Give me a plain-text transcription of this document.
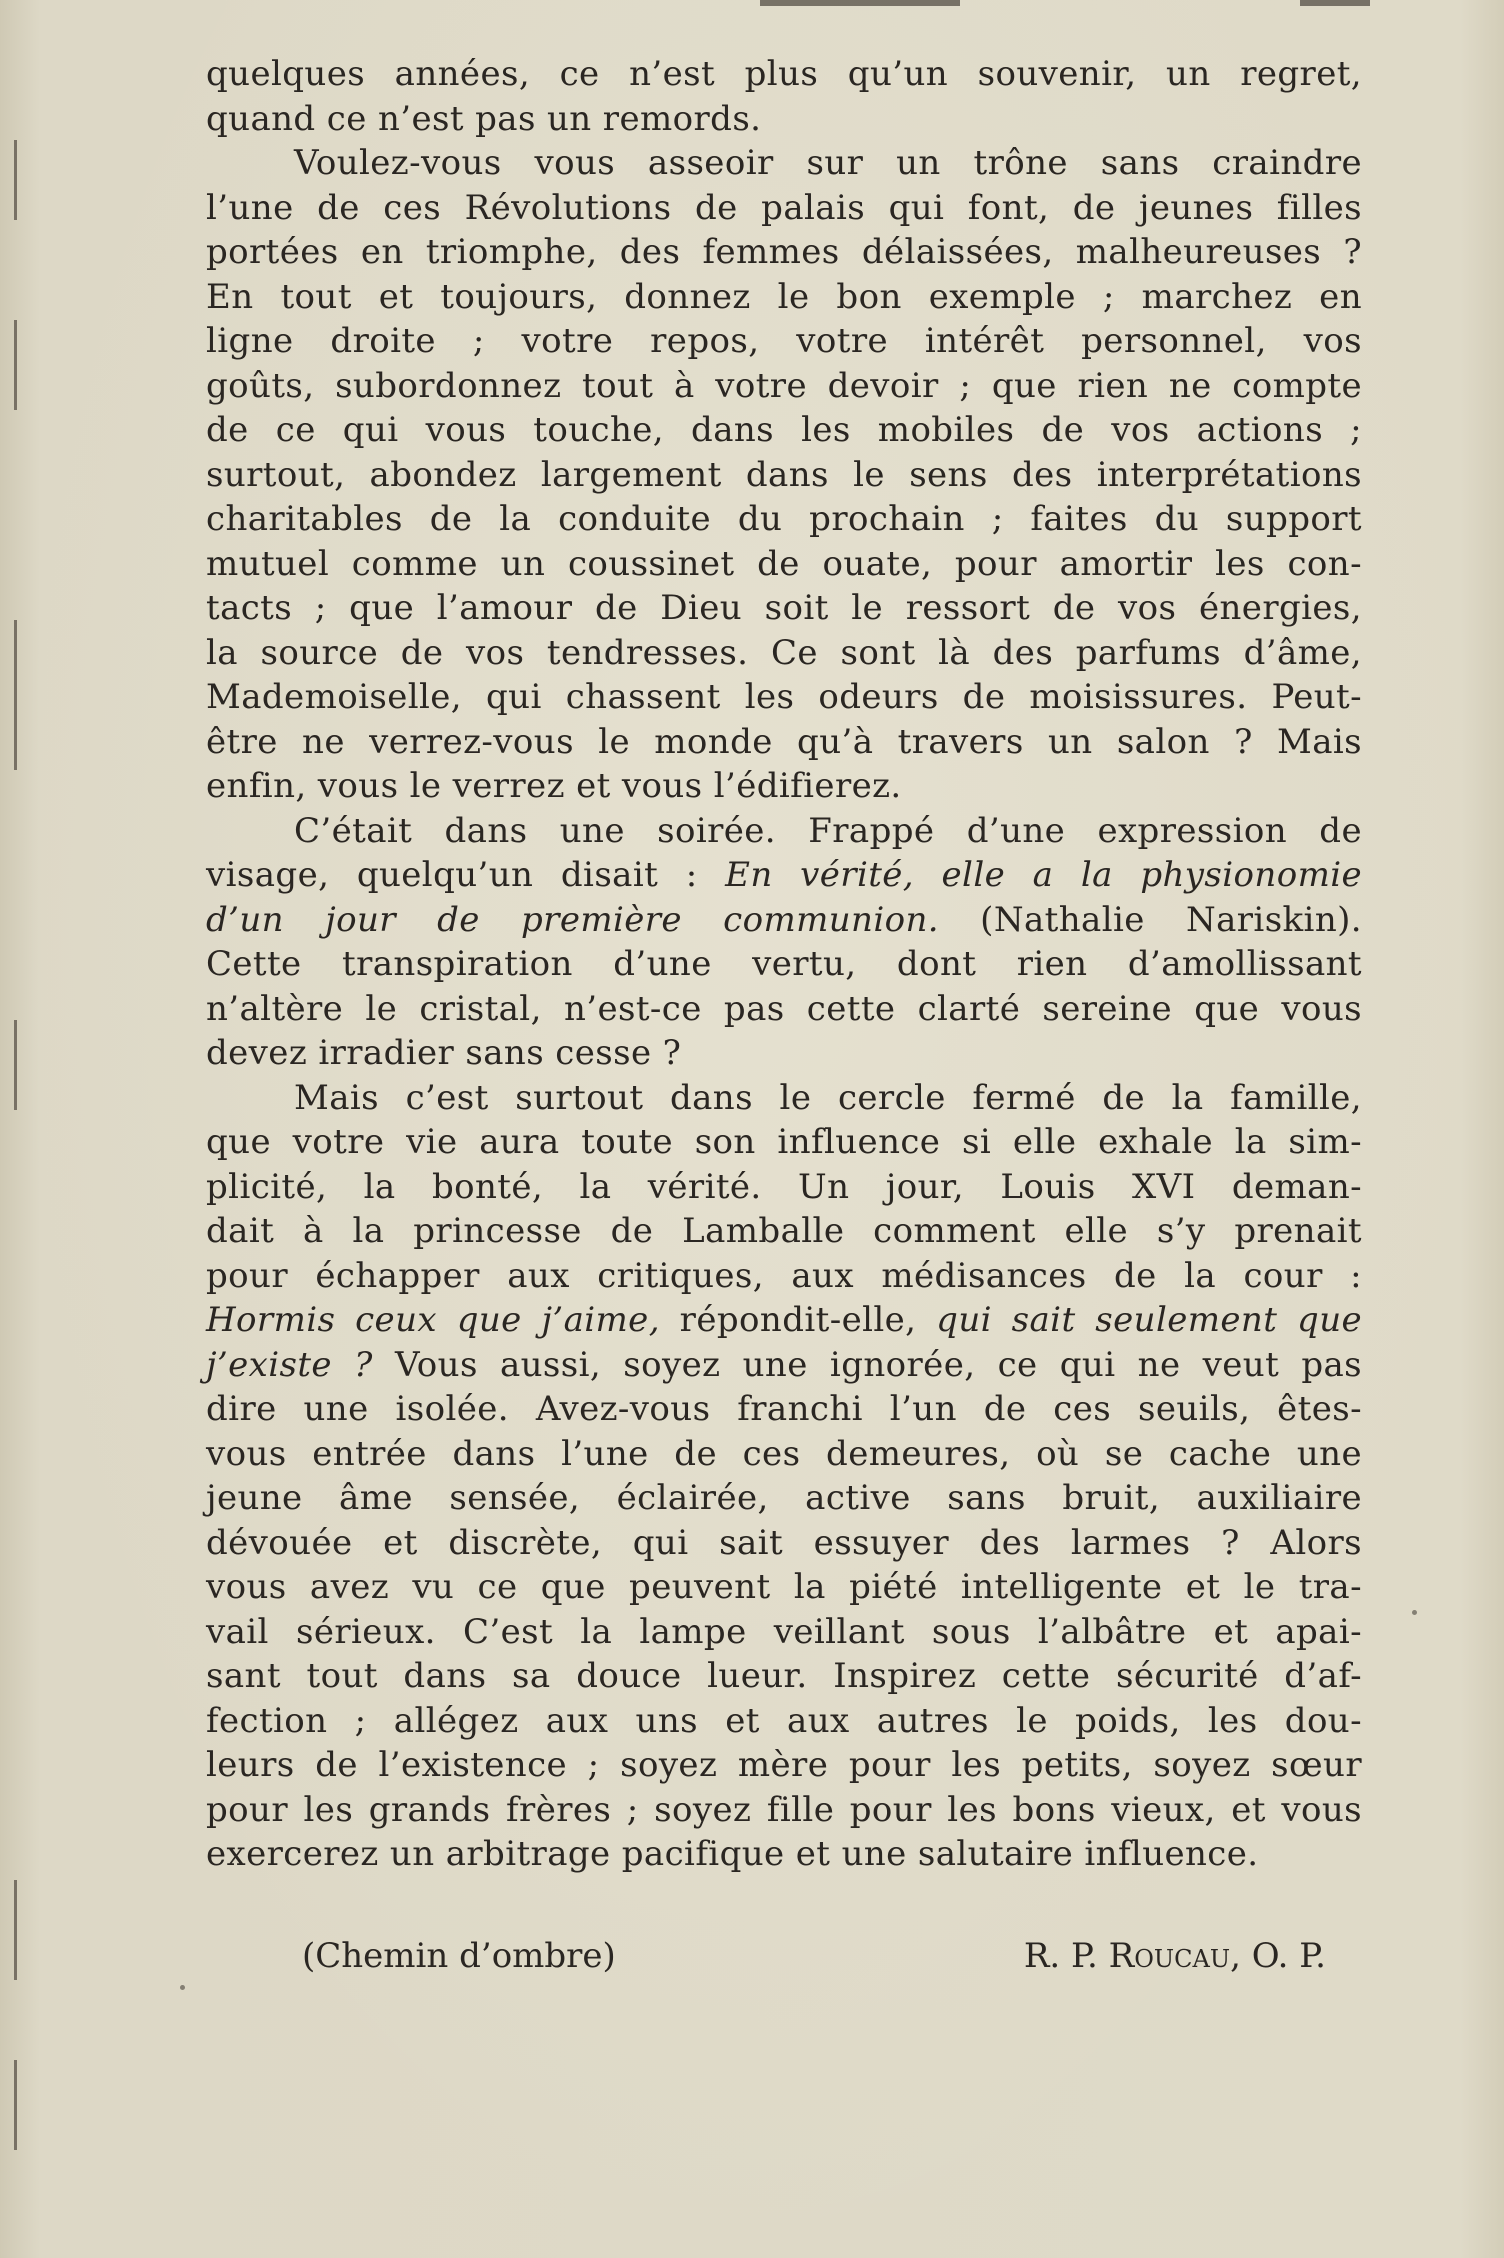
quelques années, ce n’est plus qu’un souvenir, un regret,
quand ce n’est pas un remords.
Voulez-vous vous asseoir sur un trône sans craindre
l’une de ces Révolutions de palais qui font, de jeunes filles
portées en triomphe, des femmes délaissées, malheureuses ?
En tout et toujours, donnez le bon exemple ; marchez en
ligne droite ; votre repos, votre intérêt personnel, vos
goûts, subordonnez tout à votre devoir ; que rien ne compte
de ce qui vous touche, dans les mobiles de vos actions ;
surtout, abondez largement dans le sens des interprétations
charitables de la conduite du prochain ; faites du support
mutuel comme un coussinet de ouate, pour amortir les con-
tacts ; que l’amour de Dieu soit le ressort de vos énergies,
la source de vos tendresses. Ce sont là des parfums d’âme,
Mademoiselle, qui chassent les odeurs de moisissures. Peut-
être ne verrez-vous le monde qu’à travers un salon ? Mais
enfin, vous le verrez et vous l’édifierez.
C’était dans une soirée. Frappé d’une expression de
visage, quelqu’un disait : En vérité, elle a la physionomie
d’un jour de première communion. (Nathalie Nariskin).
Cette transpiration d’une vertu, dont rien d’amollissant
n’altère le cristal, n’est-ce pas cette clarté sereine que vous
devez irradier sans cesse ?
Mais c’est surtout dans le cercle fermé de la famille,
que votre vie aura toute son influence si elle exhale la sim-
plicité, la bonté, la vérité. Un jour, Louis XVI deman-
dait à la princesse de Lamballe comment elle s’y prenait
pour échapper aux critiques, aux médisances de la cour :
Hormis ceux que j’aime, répondit-elle, qui sait seulement que
j’existe ? Vous aussi, soyez une ignorée, ce qui ne veut pas
dire une isolée. Avez-vous franchi l’un de ces seuils, êtes-
vous entrée dans l’une de ces demeures, où se cache une
jeune âme sensée, éclairée, active sans bruit, auxiliaire
dévouée et discrète, qui sait essuyer des larmes ? Alors
vous avez vu ce que peuvent la piété intelligente et le tra-
vail sérieux. C’est la lampe veillant sous l’albâtre et apai-
sant tout dans sa douce lueur. Inspirez cette sécurité d’af-
fection ; allégez aux uns et aux autres le poids, les dou-
leurs de l’existence ; soyez mère pour les petits, soyez sœur
pour les grands frères ; soyez fille pour les bons vieux, et vous
exercerez un arbitrage pacifique et une salutaire influence.
(Chemin d’ombre)	R. P. Roucau, O. P.
